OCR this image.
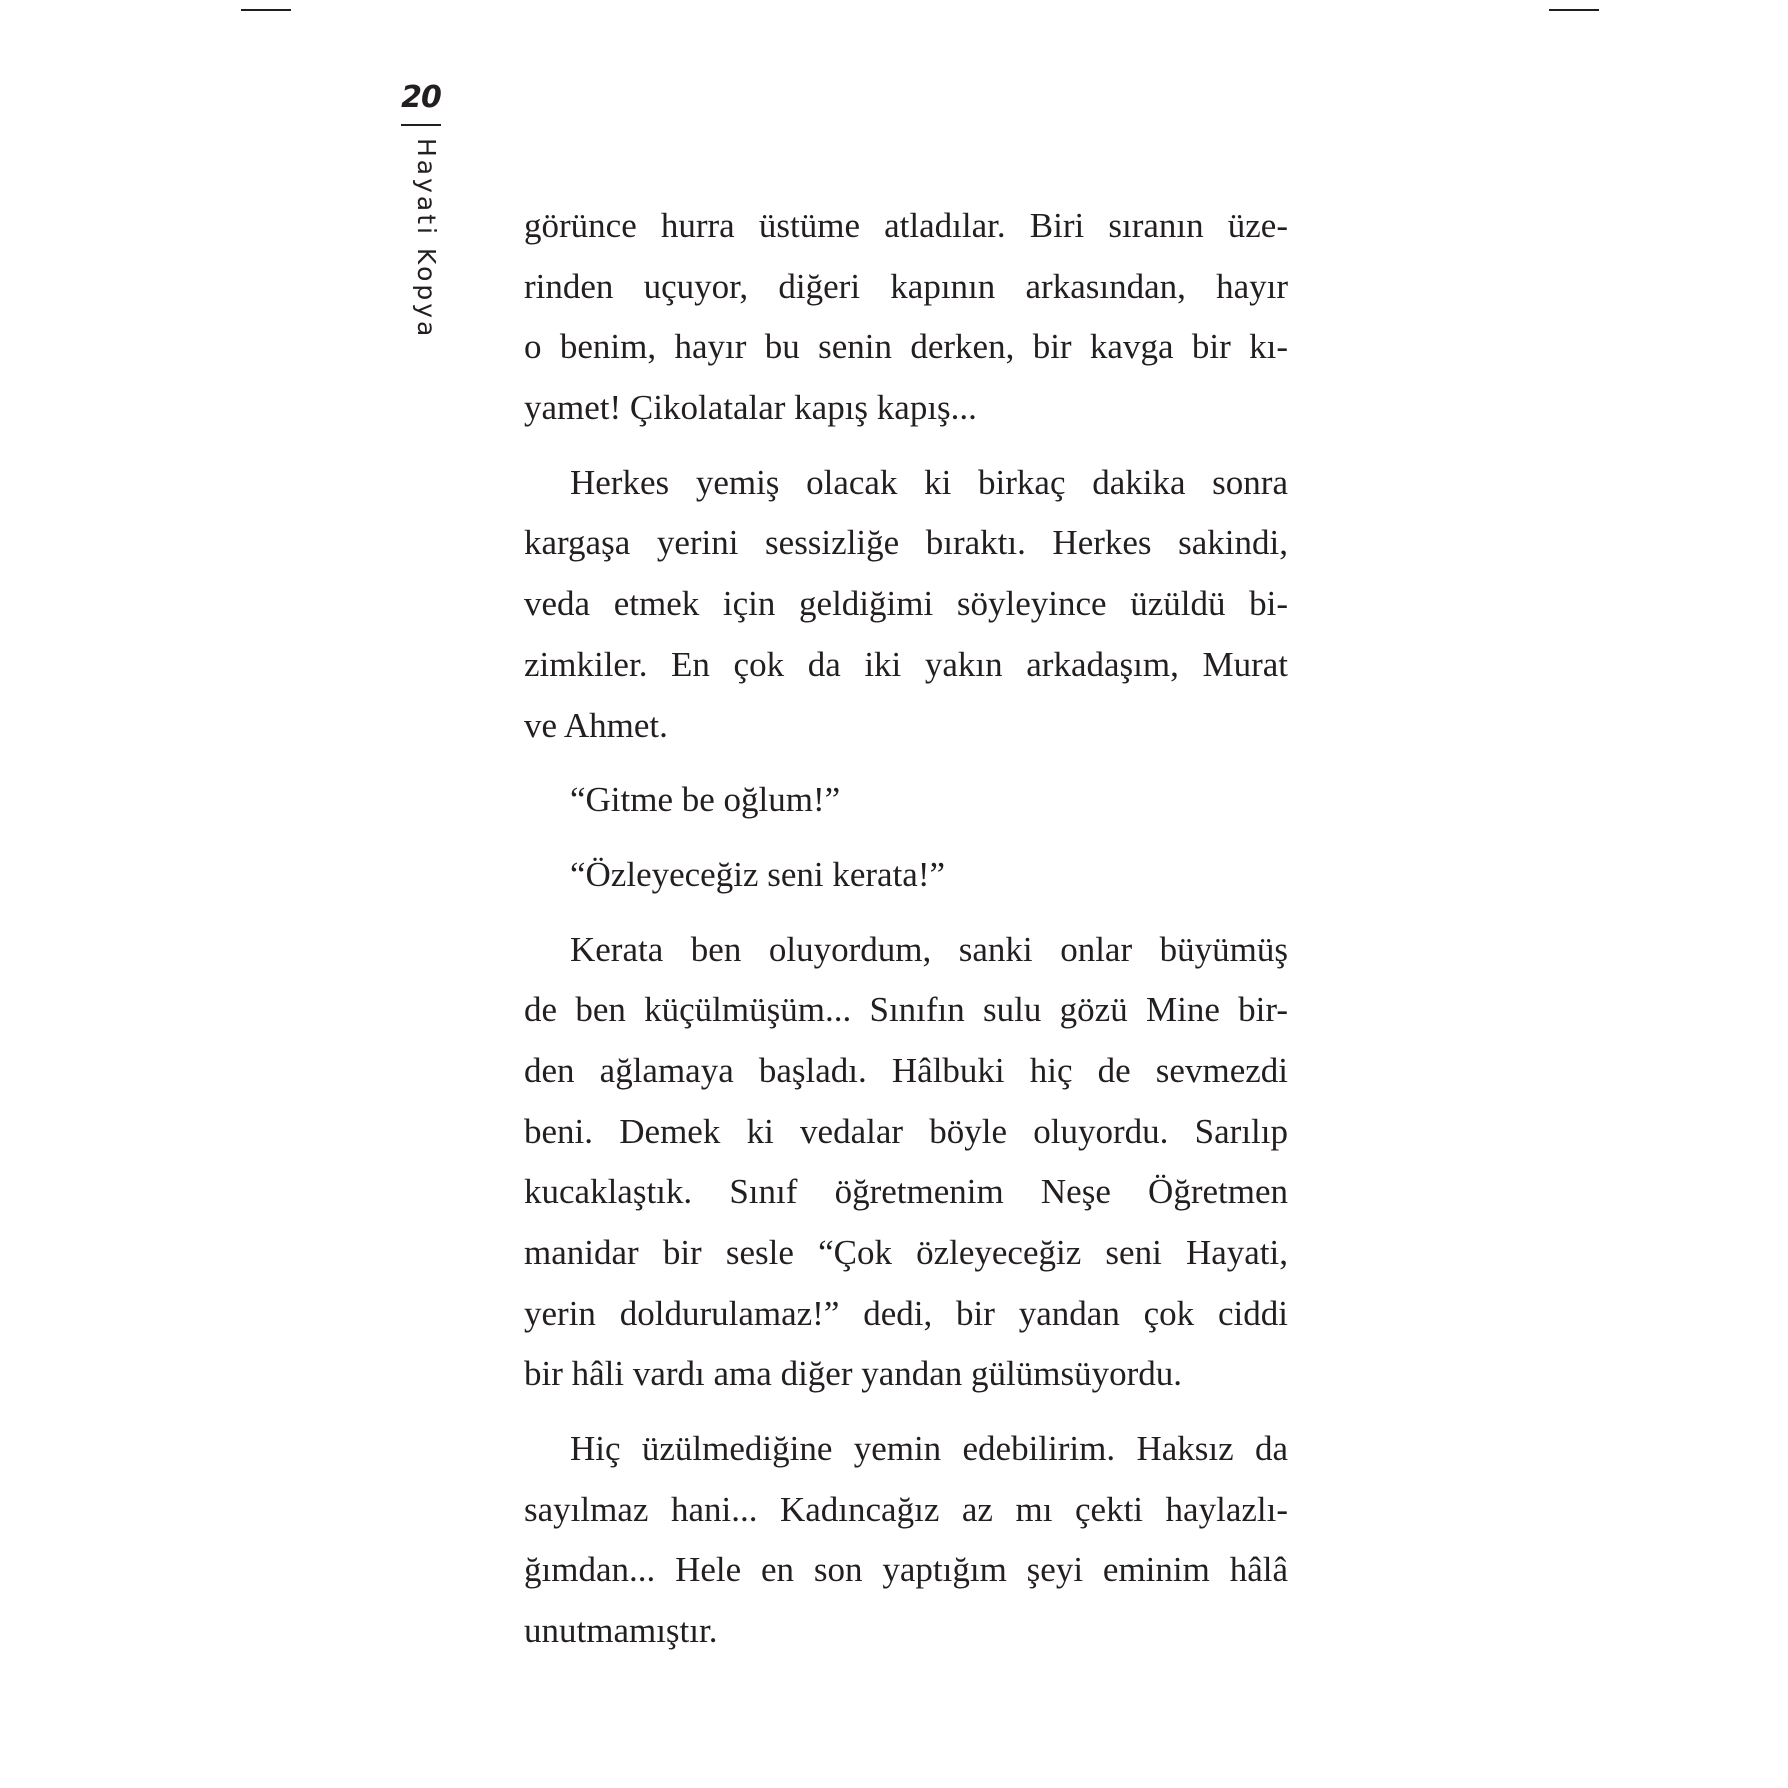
20
Hayati Kopya görünce hurra üstüme atladılar. Biri sıranın üze-
rinden uçuyor, diğeri kapının arkasından, hayır
o benim, hayır bu senin derken, bir kavga bir kı-
yamet! Çikolatalar kapış kapış...
Herkes yemiş olacak ki birkaç dakika sonra
kargaşa yerini sessizliğe bıraktı. Herkes sakindi,
veda etmek için geldiğimi söyleyince üzüldü bi-
zimkiler. En çok da iki yakın arkadaşım, Murat
ve Ahmet.
“Gitme be oğlum!”
“Özleyeceğiz seni kerata!”
Kerata ben oluyordum, sanki onlar büyümüş
de ben küçülmüşüm... Sınıfın sulu gözü Mine bir-
den ağlamaya başladı. Hâlbuki hiç de sevmezdi
beni. Demek ki vedalar böyle oluyordu. Sarılıp
kucaklaştık. Sınıf öğretmenim Neşe Öğretmen
manidar bir sesle “Çok özleyeceğiz seni Hayati,
yerin doldurulamaz!” dedi, bir yandan çok ciddi
bir hâli vardı ama diğer yandan gülümsüyordu.
Hiç üzülmediğine yemin edebilirim. Haksız da
sayılmaz hani... Kadıncağız az mı çekti haylazlı-
ğımdan... Hele en son yaptığım şeyi eminim hâlâ
unutmamıştır.
